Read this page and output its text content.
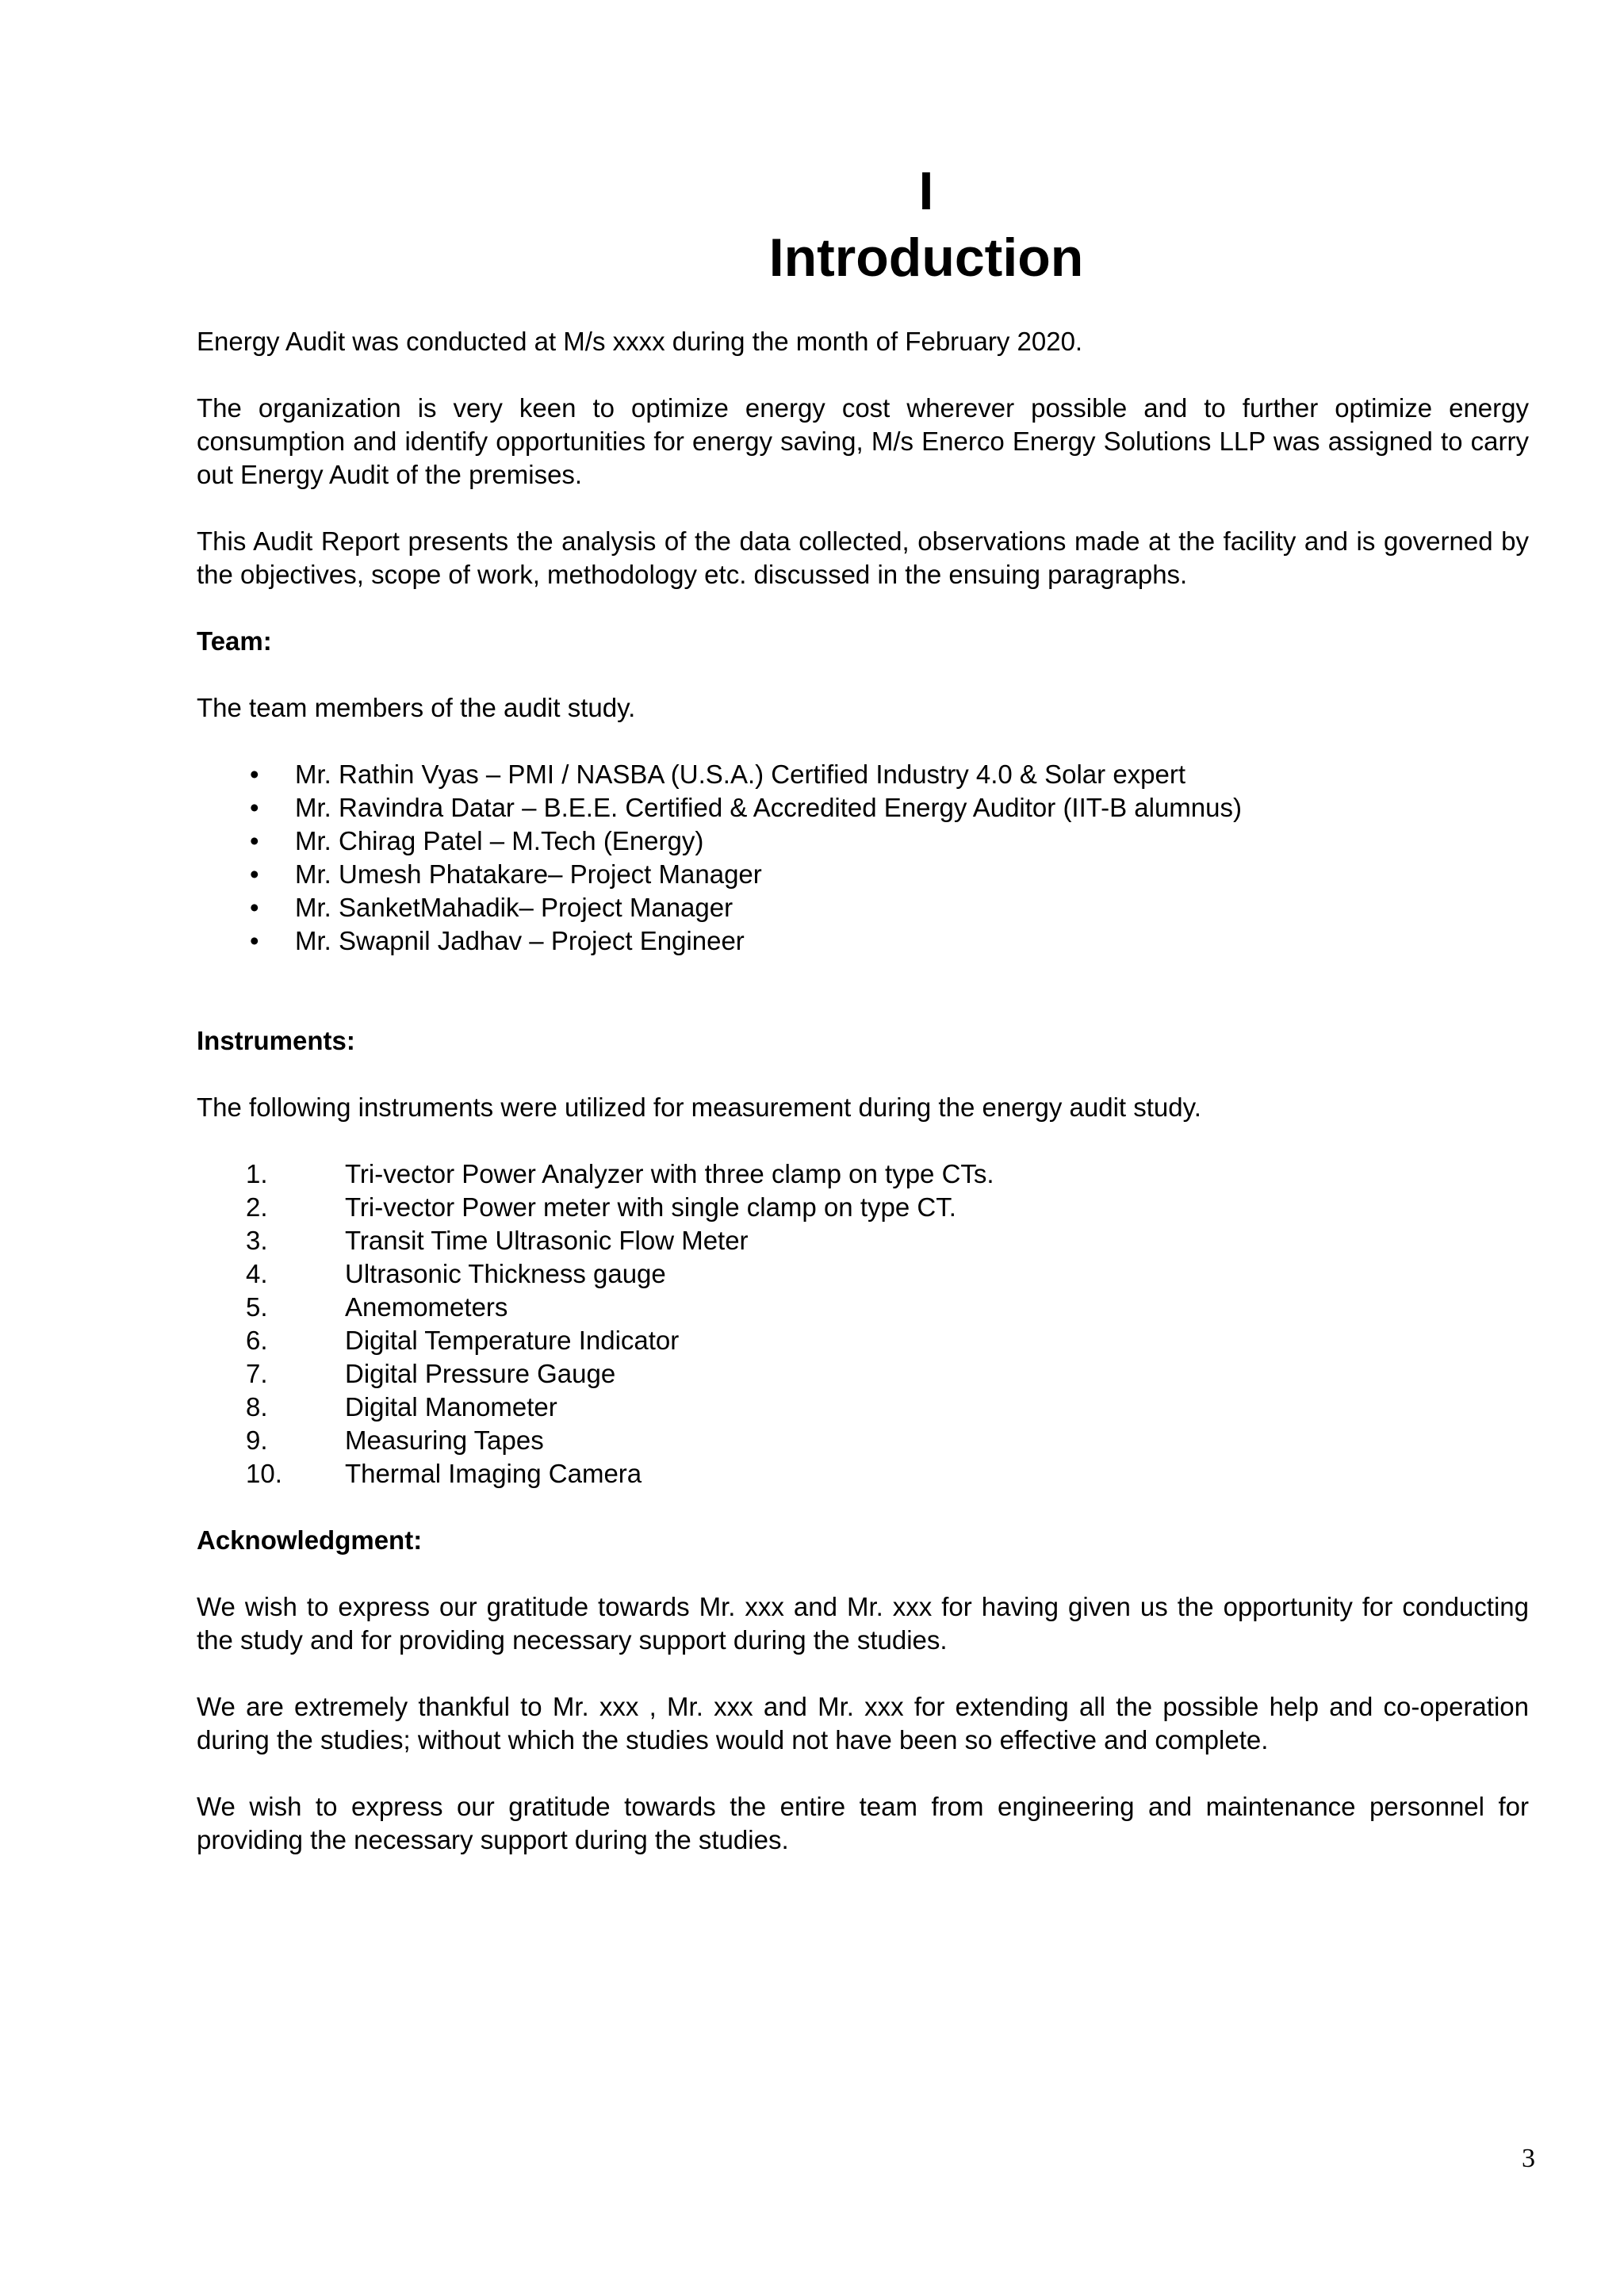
I
Introduction

Energy Audit was conducted at M/s xxxx during the month of February 2020.

The organization is very keen to optimize energy cost wherever possible and to further optimize energy consumption and identify opportunities for energy saving, M/s Enerco Energy Solutions LLP was assigned to carry out Energy Audit of the premises.

This Audit Report presents the analysis of the data collected, observations made at the facility and is governed by the objectives, scope of work, methodology etc. discussed in the ensuing paragraphs.

Team:

The team members of the audit study.

• Mr. Rathin Vyas – PMI / NASBA (U.S.A.) Certified Industry 4.0 & Solar expert
• Mr. Ravindra Datar – B.E.E. Certified & Accredited Energy Auditor (IIT-B alumnus)
• Mr. Chirag Patel – M.Tech (Energy)
• Mr. Umesh Phatakare– Project Manager
• Mr. SanketMahadik– Project Manager
• Mr. Swapnil Jadhav – Project Engineer
Instruments:

The following instruments were utilized for measurement during the energy audit study.

1.	Tri-vector Power Analyzer with three clamp on type CTs.
2.	Tri-vector Power meter with single clamp on type CT.
3.	Transit Time Ultrasonic Flow Meter
4.	Ultrasonic Thickness gauge
5.	Anemometers
6.	Digital Temperature Indicator
7.	Digital Pressure Gauge
8.	Digital Manometer
9.	Measuring Tapes
10. Thermal Imaging Camera
Acknowledgment:

We wish to express our gratitude towards Mr. xxx and Mr. xxx for having given us the opportunity for conducting the study and for providing necessary support during the studies.

We are extremely thankful to Mr. xxx , Mr. xxx and Mr. xxx for extending all the possible help and co-operation during the studies; without which the studies would not have been so effective and complete.

We wish to express our gratitude towards the entire team from engineering and maintenance personnel for providing the necessary support during the studies.

3
